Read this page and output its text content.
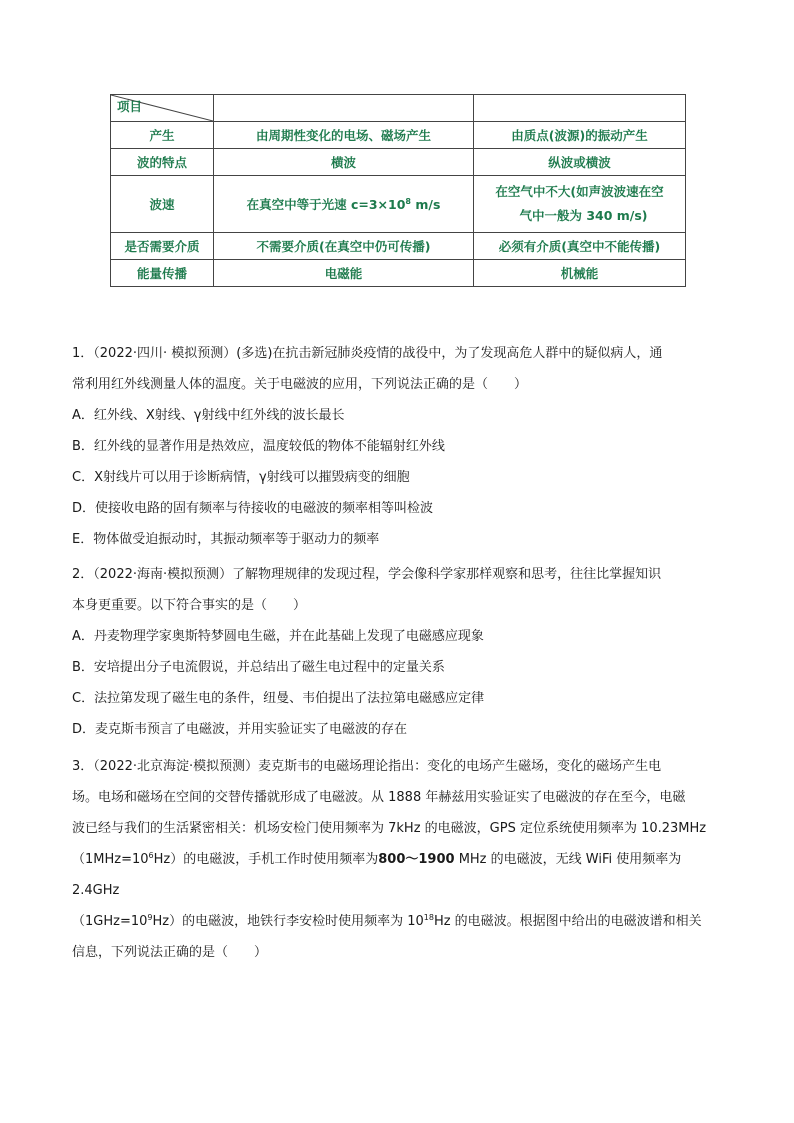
项目		

产生	由周期性变化的电场、磁场产生	由质点(波源)的振动产生
波的特点	横波	纵波或横波
波速	在真空中等于光速 $c=3\times 10^8$ m/s	在空气中不大(如声波波速在空
气中一般为 340 m/s)

是否需要介质	不需要介质(在真空中仍可传播)	必须有介质(真空中不能传播)
能量传播	电磁能	机械能

1．（2022·四川· 模拟预测）(多选)在抗击新冠肺炎疫情的战役中，为了发现高危人群中的疑似病人，通

常利用红外线测量人体的温度。关于电磁波的应用，下列说法正确的是（　　）

A．红外线、X射线、γ射线中红外线的波长最长

B．红外线的显著作用是热效应，温度较低的物体不能辐射红外线

C．X射线片可以用于诊断病情，γ射线可以摧毁病变的细胞

D．使接收电路的固有频率与待接收的电磁波的频率相等叫检波

E．物体做受迫振动时，其振动频率等于驱动力的频率

2．（2022·海南·模拟预测）了解物理规律的发现过程，学会像科学家那样观察和思考，往往比掌握知识

本身更重要。以下符合事实的是（　　）

A．丹麦物理学家奥斯特梦圆电生磁，并在此基础上发现了电磁感应现象

B．安培提出分子电流假说，并总结出了磁生电过程中的定量关系

C．法拉第发现了磁生电的条件，纽曼、韦伯提出了法拉第电磁感应定律

D．麦克斯韦预言了电磁波，并用实验证实了电磁波的存在

3．（2022·北京海淀·模拟预测）麦克斯韦的电磁场理论指出：变化的电场产生磁场，变化的磁场产生电

场。电场和磁场在空间的交替传播就形成了电磁波。从 1888 年赫兹用实验证实了电磁波的存在至今，电磁

波已经与我们的生活紧密相关：机场安检门使用频率为 7kHz 的电磁波，GPS 定位系统使用频率为 10.23MHz

$(1MHz=10^6Hz)$的电磁波，手机工作时使用频率为800～1900 MHz 的电磁波，无线 WiFi 使用频率为 2.4GHz

$(1GHz=10^9Hz)$的电磁波，地铁行李安检时使用频率为 $10^{18}Hz$ 的电磁波。根据图中给出的电磁波谱和相关

信息，下列说法正确的是（　　）
